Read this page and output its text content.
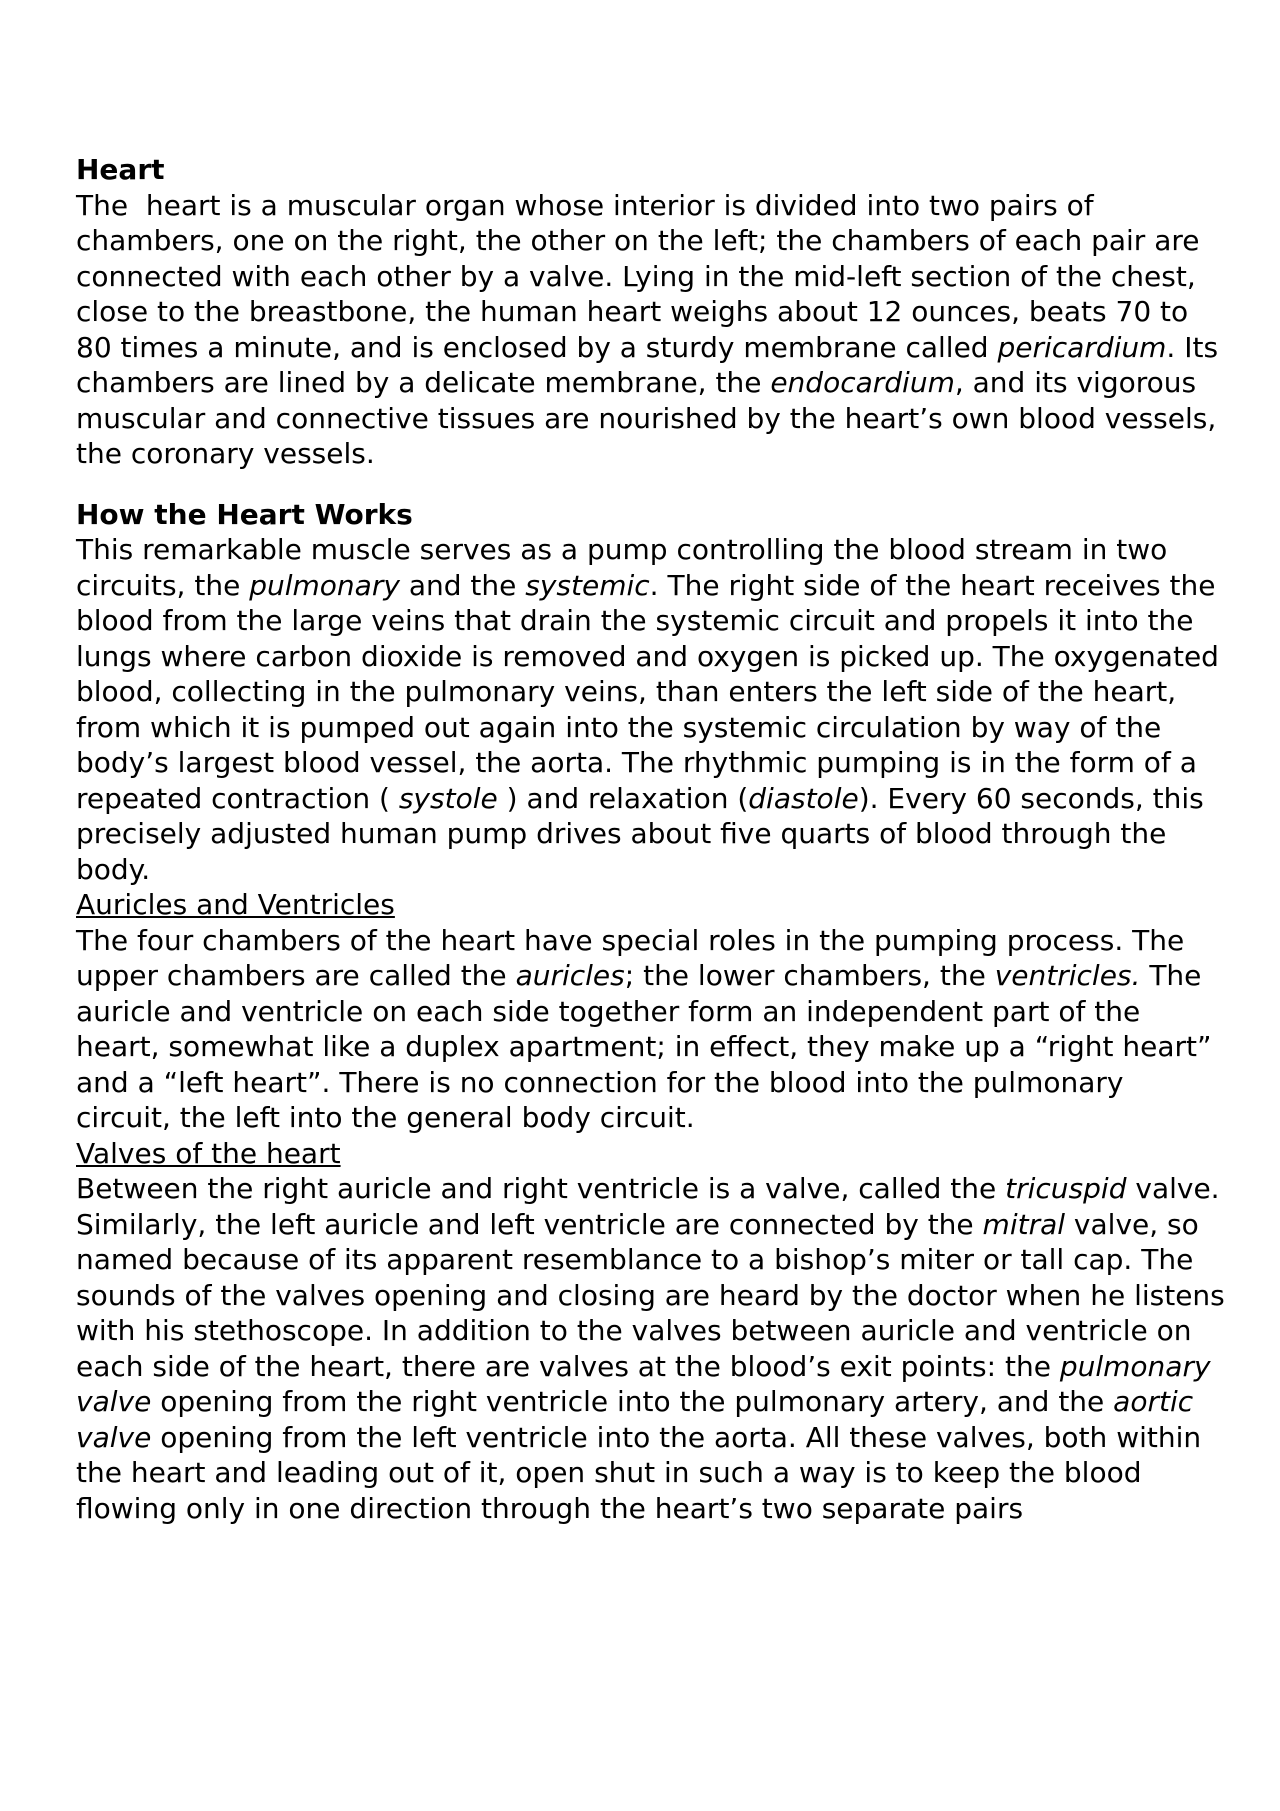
Heart

The  heart is a muscular organ whose interior is divided into two pairs of chambers, one on the right, the other on the left; the chambers of each pair are connected with each other by a valve. Lying in the mid-left section of the chest, close to the breastbone, the human heart weighs about 12 ounces, beats 70 to 80 times a minute, and is enclosed by a sturdy membrane called pericardium. Its chambers are lined by a delicate membrane, the endocardium, and its vigorous muscular and connective tissues are nourished by the heart’s own blood vessels, the coronary vessels.

How the Heart Works

This remarkable muscle serves as a pump controlling the blood stream in two circuits, the pulmonary and the systemic. The right side of the heart receives the blood from the large veins that drain the systemic circuit and propels it into the lungs where carbon dioxide is removed and oxygen is picked up. The oxygenated blood, collecting in the pulmonary veins, than enters the left side of the heart, from which it is pumped out again into the systemic circulation by way of the body’s largest blood vessel, the aorta. The rhythmic pumping is in the form of a repeated contraction ( systole ) and relaxation (diastole). Every 60 seconds, this precisely adjusted human pump drives about five quarts of blood through the body.

Auricles and Ventricles

The four chambers of the heart have special roles in the pumping process. The upper chambers are called the auricles; the lower chambers, the ventricles. The auricle and ventricle on each side together form an independent part of the heart, somewhat like a duplex apartment; in effect, they make up a “right heart” and a “left heart”. There is no connection for the blood into the pulmonary circuit, the left into the general body circuit.

Valves of the heart

Between the right auricle and right ventricle is a valve, called the tricuspid valve. Similarly, the left auricle and left ventricle are connected by the mitral valve, so named because of its apparent resemblance to a bishop’s miter or tall cap. The sounds of the valves opening and closing are heard by the doctor when he listens with his stethoscope. In addition to the valves between auricle and ventricle on each side of the heart, there are valves at the blood’s exit points: the pulmonary valve opening from the right ventricle into the pulmonary artery, and the aortic valve opening from the left ventricle into the aorta. All these valves, both within the heart and leading out of it, open shut in such a way is to keep the blood flowing only in one direction through the heart’s two separate pairs
